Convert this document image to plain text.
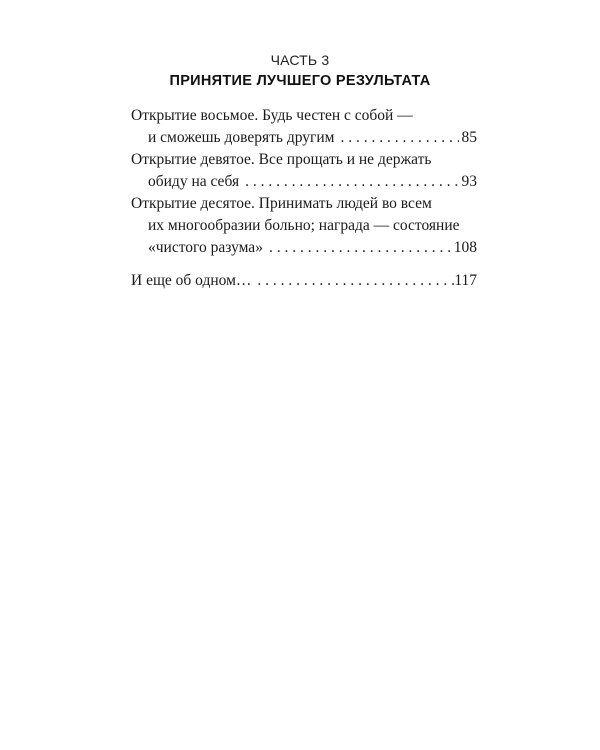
ЧАСТЬ 3
ПРИНЯТИЕ ЛУЧШЕГО РЕЗУЛЬТАТА
Открытие восьмое. Будь честен с собой —
и сможешь доверять другим . . .	85
Открытие девятое. Все прощать и не держать
обиду на себя . . .	93
Открытие десятое. Принимать людей во всем
их многообразии больно; награда — состояние
«чистого разума» . . .	108
И еще об одном… . . .	117
